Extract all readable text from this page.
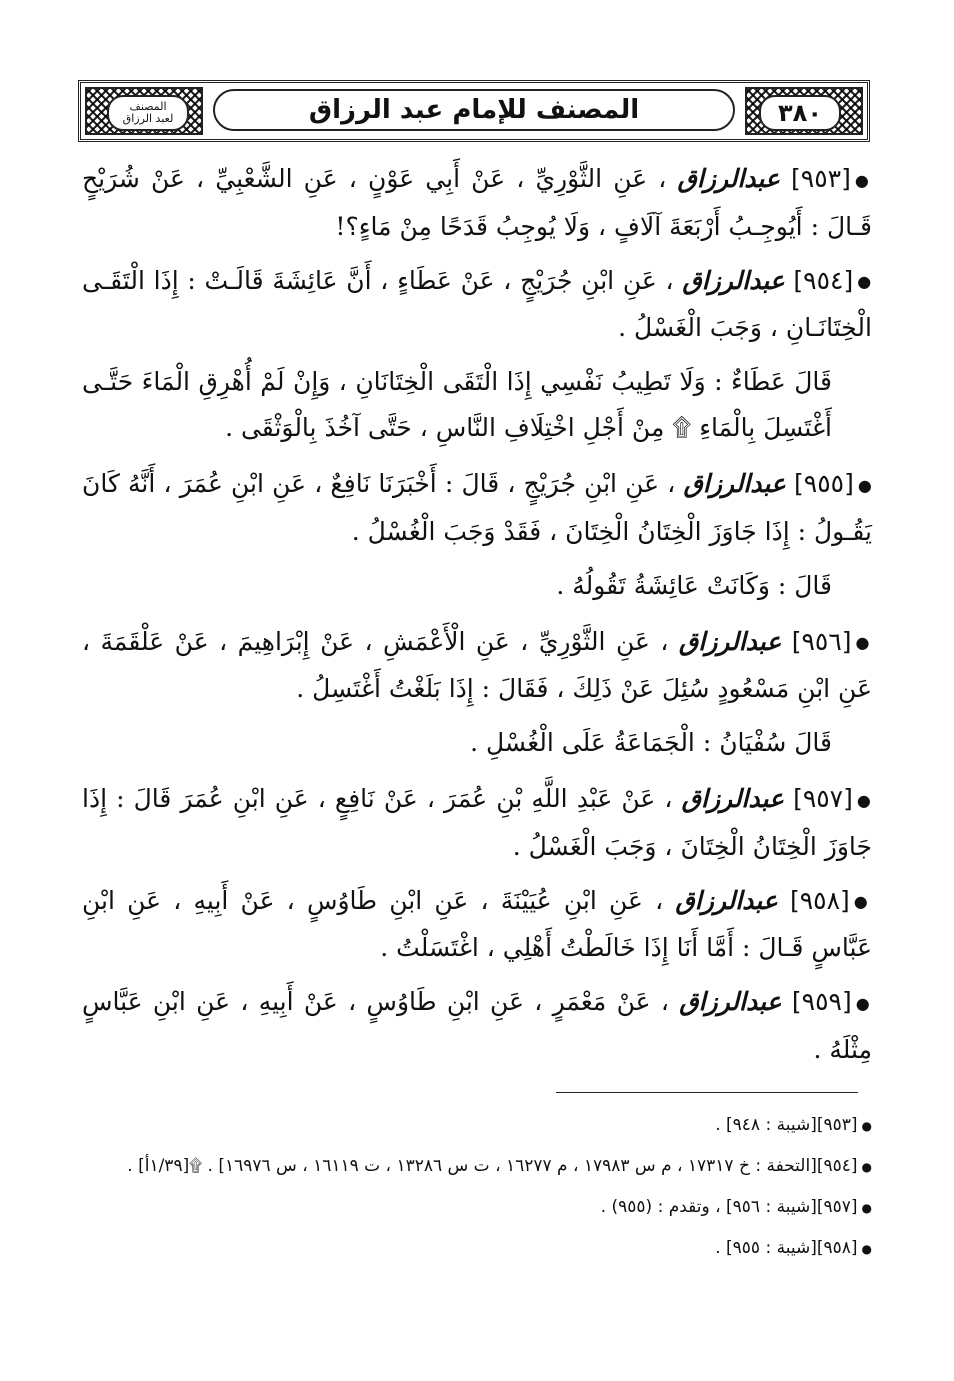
المصنف
لعبد الرزاق	المصنف للإمام عبد الرزاق	٣٨٠

●[٩٥٣] عبدالرزاق ، عَنِ الثَّوْرِيِّ ، عَنْ أَبِي عَوْنٍ ، عَنِ الشَّعْبِيِّ ، عَنْ شُرَيْحٍ قَـالَ : أَيُوجِـبُ أَرْبَعَةَ آلَافٍ ، وَلَا يُوجِبُ قَدَحًا مِنْ مَاءٍ؟!

●[٩٥٤] عبدالرزاق ، عَنِ ابْنِ جُرَيْجٍ ، عَنْ عَطَاءٍ ، أَنَّ عَائِشَةَ قَالَـتْ : إِذَا الْتَقَـى الْخِتَانَـانِ ، وَجَبَ الْغَسْلُ .

قَالَ عَطَاءٌ : وَلَا تَطِيبُ نَفْسِي إِذَا الْتَقَى الْخِتَانَانِ ، وَإِنْ لَمْ أُهْرِقِ الْمَاءَ حَتَّـى أَغْتَسِلَ بِالْمَاءِ ۩ مِنْ أَجْلِ اخْتِلَافِ النَّاسِ ، حَتَّى آخُذَ بِالْوَثْقَى .

●[٩٥٥] عبدالرزاق ، عَنِ ابْنِ جُرَيْجٍ ، قَالَ : أَخْبَرَنَا نَافِعٌ ، عَنِ ابْنِ عُمَرَ ، أَنَّهُ كَانَ يَقُـولُ : إِذَا جَاوَزَ الْخِتَانُ الْخِتَانَ ، فَقَدْ وَجَبَ الْغُسْلُ .

قَالَ : وَكَانَتْ عَائِشَةُ تَقُولُهُ .

●[٩٥٦] عبدالرزاق ، عَنِ الثَّوْرِيِّ ، عَنِ الْأَعْمَشِ ، عَنْ إِبْرَاهِيمَ ، عَنْ عَلْقَمَةَ ، عَنِ ابْنِ مَسْعُودٍ سُئِلَ عَنْ ذَلِكَ ، فَقَالَ : إِذَا بَلَغْتُ أَغْتَسِلُ .

قَالَ سُفْيَانُ : الْجَمَاعَةُ عَلَى الْغُسْلِ .

●[٩٥٧] عبدالرزاق ، عَنْ عَبْدِ اللَّهِ بْنِ عُمَرَ ، عَنْ نَافِعٍ ، عَنِ ابْنِ عُمَرَ قَالَ : إِذَا جَاوَزَ الْخِتَانُ الْخِتَانَ ، وَجَبَ الْغَسْلُ .

●[٩٥٨] عبدالرزاق ، عَنِ ابْنِ عُيَيْنَةَ ، عَنِ ابْنِ طَاوُسٍ ، عَنْ أَبِيهِ ، عَنِ ابْنِ عَبَّاسٍ قَـالَ : أَمَّا أَنَا إِذَا خَالَطْتُ أَهْلِي ، اغْتَسَلْتُ .

●[٩٥٩] عبدالرزاق ، عَنْ مَعْمَرٍ ، عَنِ ابْنِ طَاوُسٍ ، عَنْ أَبِيهِ ، عَنِ ابْنِ عَبَّاسٍ مِثْلَهُ .

●[٩٥٣][شيبة : ٩٤٨] .

●[٩٥٤][التحفة : خ ١٧٣١٧ ، م س ١٧٩٨٣ ، م ١٦٢٧٧ ، ت س ١٣٢٨٦ ، ت ١٦١١٩ ، س ١٦٩٧٦] . ۩[١/٣٩أ] .

●[٩٥٧][شيبة : ٩٥٦] ، وتقدم : (٩٥٥) .

●[٩٥٨][شيبة : ٩٥٥] .
